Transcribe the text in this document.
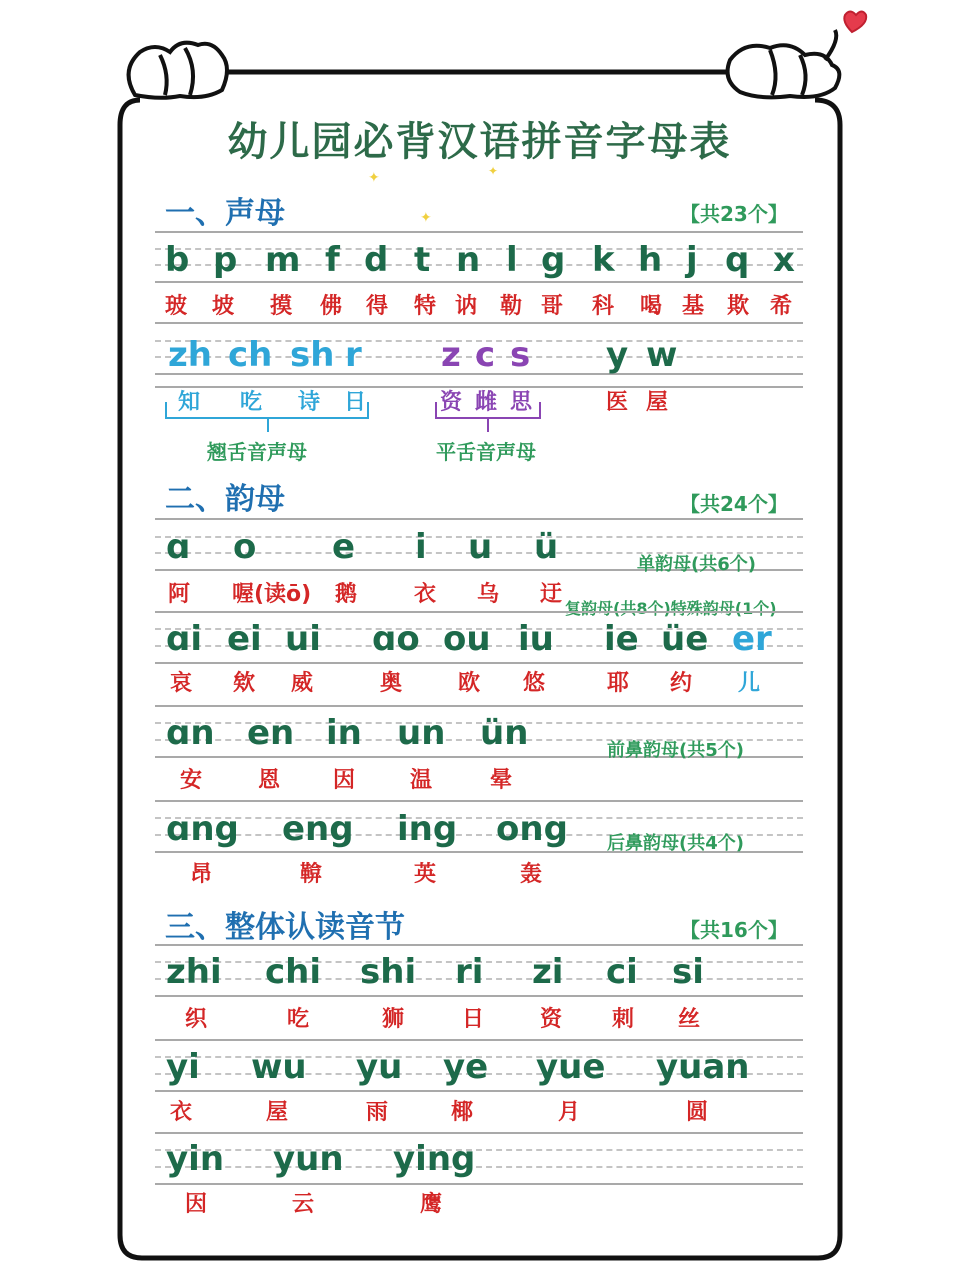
✦
✦
✦
幼儿园必背汉语拼音字母表
一、声母	【共23个】
b p m f d t n l g k h j q x
玻 坡 摸 佛 得 特 讷 勒 哥 科 喝 基 欺 希
zh ch sh r z c s y w
知 吃 诗 日	资 雌 思	医 屋
翘舌音声母	平舌音声母
二、韵母	【共24个】
ɑ o e i u ü	单韵母(共6个)
阿 喔(读ō) 鹅	衣 乌 迂
复韵母(共8个)特殊韵母(1个)
ɑi ei ui ɑo ou iu ie üe er
哀 欸 威	奥	欧 悠	耶 约 儿
ɑn en in un ün	前鼻韵母(共5个)
安	恩 因 温	晕
ɑng eng ing ong 后鼻韵母(共4个)
昂	鞥	英	轰
三、整体认读音节	【共16个】
zhi chi shi ri zi ci si
织	吃	狮	日	资 刺 丝
yi wu yu ye yue yuan
衣	屋	雨	椰	月	圆
yin yun ying
因	云	鹰
